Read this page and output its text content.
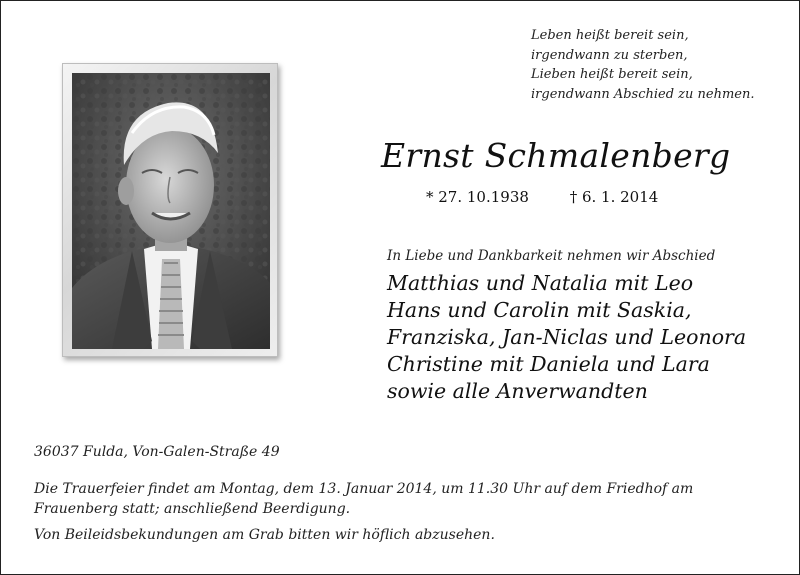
Leben heißt bereit sein,
irgendwann zu sterben,
Lieben heißt bereit sein,
irgendwann Abschied zu nehmen.
Ernst Schmalenberg
* 27. 10.1938	† 6. 1. 2014
In Liebe und Dankbarkeit nehmen wir Abschied
Matthias und Natalia mit Leo
Hans und Carolin mit Saskia,
Franziska, Jan-Niclas und Leonora
Christine mit Daniela und Lara
sowie alle Anverwandten
36037 Fulda, Von-Galen-Straße 49
Die Trauerfeier findet am Montag, dem 13. Januar 2014, um 11.30 Uhr auf dem Friedhof am
Frauenberg statt; anschließend Beerdigung.
Von Beileidsbekundungen am Grab bitten wir höflich abzusehen.
